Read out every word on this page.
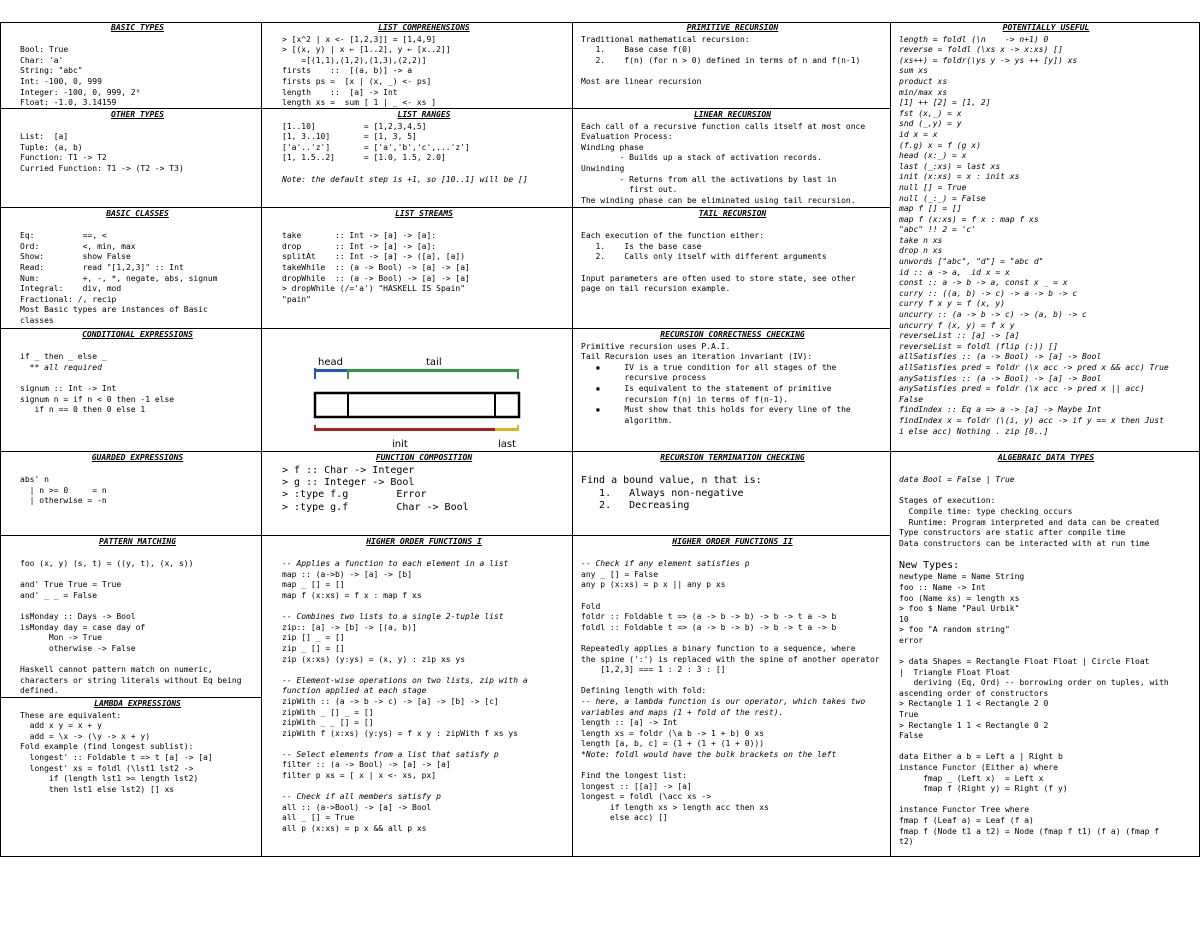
BASIC TYPES
Bool: True
Char: 'a'
String: "abc"
Int: -100, 0, 999
Integer: -100, 0, 999, 2⁹
Float: -1.0, 3.14159
OTHER TYPES
List:  [a]
Tuple: (a, b)
Function: T1 -> T2
Curried Function: T1 -> (T2 -> T3)
BASIC CLASSES
Eq:          ==, <
Ord:         <, min, max
Show:        show False
Read:        read "[1,2,3]" :: Int
Num:         +, -, *, negate, abs, signum
Integral:    div, mod
Fractional: /, recip
Most Basic types are instances of Basic
classes
CONDITIONAL EXPRESSIONS
if _ then _ else _
** all required
signum :: Int -> Int
signum n = if n < 0 then -1 else
if n == 0 then 0 else 1
GUARDED EXPRESSIONS
abs' n
| n >= 0     = n
| otherwise = -n
PATTERN MATCHING
foo (x, y) (s, t) = ((y, t), (x, s))
and' True True = True
and' _ _ = False
isMonday :: Days -> Bool
isMonday day = case day of
Mon -> True
otherwise -> False
Haskell cannot pattern match on numeric,
characters or string literals without Eq being
defined.
LAMBDA EXPRESSIONS
These are equivalent:
add x y = x + y
add = \x -> (\y -> x + y)
Fold example (find longest sublist):
longest' :: Foldable t => t [a] -> [a]
longest' xs = foldl (\lst1 lst2 ->
if (length lst1 >= length lst2)
then lst1 else lst2) [] xs
LIST COMPREHENSIONS
> [x^2 | x <- [1,2,3]] = [1,4,9]
> [(x, y) | x ← [1..2], y ← [x..2]]
=[(1,1),(1,2),(1,3),(2,2)]
firsts    ::  [(a, b)] -> a
firsts ps =  [x | (x, _) <- ps]
length    ::  [a] -> Int
length xs =  sum [ 1 | _ <- xs ]
LIST RANGES
[1..10]          = [1,2,3,4,5]
[1, 3..10]       = [1, 3, 5]
['a'..'z']       = ['a','b','c',...'z']
[1, 1.5..2]      = [1.0, 1.5, 2.0]
Note: the default step is +1, so [10..1] will be []
LIST STREAMS
take       :: Int -> [a] -> [a]:
drop       :: Int -> [a] -> [a]:
splitAt    :: Int -> [a] -> ([a], [a])
takeWhile  :: (a -> Bool) -> [a] -> [a]
dropWhile  :: (a -> Bool) -> [a] -> [a]
> dropWhile (/='a') "HASKELL IS Spain"
"pain"
head	tail
init	last
FUNCTION COMPOSITION
> f :: Char -> Integer
> g :: Integer -> Bool
> :type f.g        Error
> :type g.f        Char -> Bool
HIGHER ORDER FUNCTIONS I
-- Applies a function to each element in a list
map :: (a->b) -> [a] -> [b]
map _ [] = []
map f (x:xs) = f x : map f xs
-- Combines two lists to a single 2-tuple list
zip:: [a] -> [b] -> [(a, b)]
zip [] _ = []
zip _ [] = []
zip (x:xs) (y:ys) = (x, y) : zip xs ys
-- Element-wise operations on two lists, zip with a
function applied at each stage
zipWith :: (a -> b -> c) -> [a] -> [b] -> [c]
zipWith _ [] _ = []
zipWith _ _ [] = []
zipWith f (x:xs) (y:ys) = f x y : zipWith f xs ys
-- Select elements from a list that satisfy p
filter :: (a -> Bool) -> [a] -> [a]
filter p xs = [ x | x <- xs, px]
-- Check if all members satisfy p
all :: (a->Bool) -> [a] -> Bool
all _ [] = True
all p (x:xs) = p x && all p xs
PRIMITIVE RECURSION
Traditional mathematical recursion:
1.    Base case f(0)
2.    f(n) (for n > 0) defined in terms of n and f(n-1)
Most are linear recursion
LINEAR RECURSION
Each call of a recursive function calls itself at most once
Evaluation Process:
Winding phase
- Builds up a stack of activation records.
Unwinding
- Returns from all the activations by last in
first out.
The winding phase can be eliminated using tail recursion.
TAIL RECURSION
Each execution of the function either:
1.    Is the base case
2.    Calls only itself with different arguments
Input parameters are often used to store state, see other
page on tail recursion example.
RECURSION CORRECTNESS CHECKING
Primitive recursion uses P.A.I.
Tail Recursion uses an iteration invariant (IV):
▪     IV is a true condition for all stages of the
recursive process
▪     Is equivalent to the statement of primitive
recursion f(n) in terms of f(n-1).
▪     Must show that this holds for every line of the
algorithm.
RECURSION TERMINATION CHECKING
Find a bound value, n that is:
1.   Always non-negative
2.   Decreasing
HIGHER ORDER FUNCTIONS II
-- Check if any element satisfies p
any _ [] = False
any p (x:xs) = p x || any p xs
Fold
foldr :: Foldable t => (a -> b -> b) -> b -> t a -> b
foldl :: Foldable t => (a -> b -> b) -> b -> t a -> b
Repeatedly applies a binary function to a sequence, where
the spine (':') is replaced with the spine of another operator
[1,2,3] === 1 : 2 : 3 : []
Defining length with fold:
-- here, a lambda function is our operator, which takes two
variables and maps (1 + fold of the rest).
length :: [a] -> Int
length xs = foldr (\a b -> 1 + b) 0 xs
length [a, b, c] = (1 + (1 + (1 + 0)))
*Note: foldl would have the bulk brackets on the left
Find the longest list:
longest :: [[a]] -> [a]
longest = foldl (\acc xs ->
if length xs > length acc then xs
else acc) []
POTENTIALLY USEFUL
length = foldl (\n    -> n+1) 0
reverse = foldl (\xs x -> x:xs) []
(xs++) = foldr(\ys y -> ys ++ [y]) xs
sum xs
product xs
min/max xs
[1] ++ [2] = [1, 2]
fst (x,_) = x
snd (_,y) = y
id x = x
(f.g) x = f (g x)
head (x:_) = x
last (_:xs) = last xs
init (x:xs) = x : init xs
null [] = True
null (_:_) = False
map f [] = []
map f (x:xs) = f x : map f xs
"abc" !! 2 = 'c'
take n xs
drop n xs
unwords ["abc", "d"] = "abc d"
id :: a -> a,  id x = x
const :: a -> b -> a, const x _ = x
curry :: ((a, b) -> c) -> a -> b -> c
curry f x y = f (x, y)
uncurry :: (a -> b -> c) -> (a, b) -> c
uncurry f (x, y) = f x y
reverseList :: [a] -> [a]
reverseList = foldl (flip (:)) []
allSatisfies :: (a -> Bool) -> [a] -> Bool
allSatisfies pred = foldr (\x acc -> pred x && acc) True
anySatisfies :: (a -> Bool) -> [a] -> Bool
anySatisfies pred = foldr (\x acc -> pred x || acc)
False
findIndex :: Eq a => a -> [a] -> Maybe Int
findIndex x = foldr (\(i, y) acc -> if y == x then Just
i else acc) Nothing . zip [0..]
ALGEBRAIC DATA TYPES
data Bool = False | True
Stages of execution:
Compile time: type checking occurs
Runtime: Program interpreted and data can be created
Type constructors are static after compile time
Data constructors can be interacted with at run time
New Types:
newtype Name = Name String
foo :: Name -> Int
foo (Name xs) = length xs
> foo $ Name "Paul Urbik"
10
> foo "A random string"
error
> data Shapes = Rectangle Float Float | Circle Float
|  Triangle Float Float
deriving (Eq, Ord) -- borrowing order on tuples, with
ascending order of constructors
> Rectangle 1 1 < Rectangle 2 0
True
> Rectangle 1 1 < Rectangle 0 2
False
data Either a b = Left a | Right b
instance Functor (Either a) where
fmap _ (Left x)  = Left x
fmap f (Right y) = Right (f y)
instance Functor Tree where
fmap f (Leaf a) = Leaf (f a)
fmap f (Node t1 a t2) = Node (fmap f t1) (f a) (fmap f
t2)
